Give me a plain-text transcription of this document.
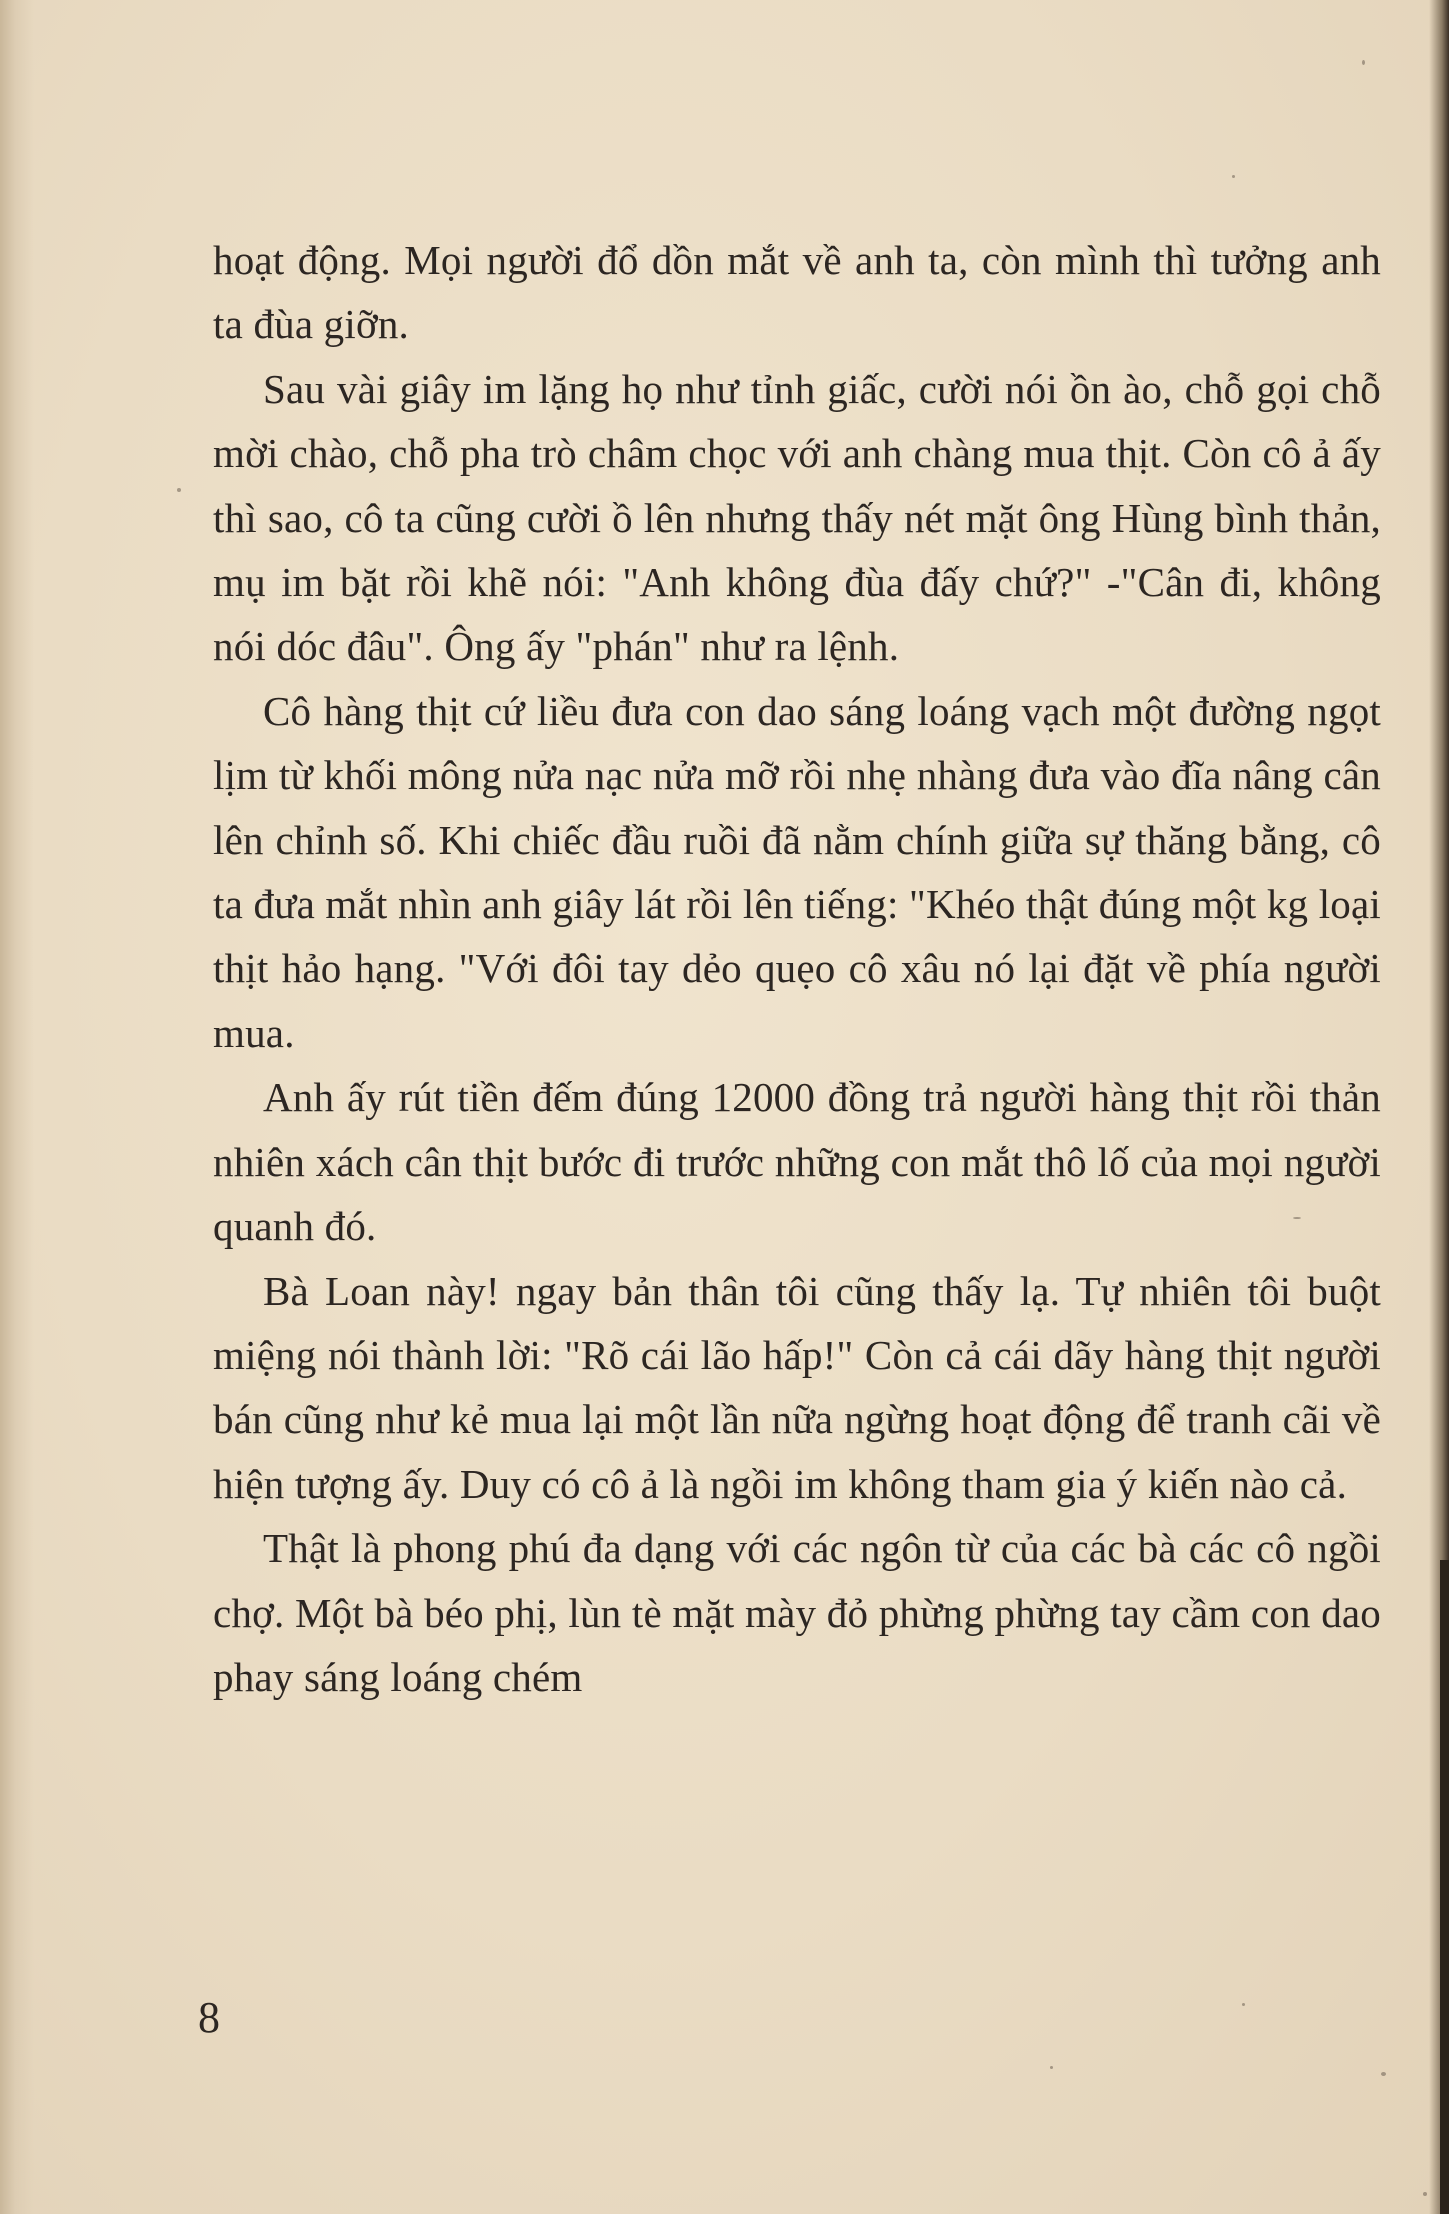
hoạt động. Mọi người đổ dồn mắt về anh ta, còn mình thì tưởng anh ta đùa giỡn.

Sau vài giây im lặng họ như tỉnh giấc, cười nói ồn ào, chỗ gọi chỗ mời chào, chỗ pha trò châm chọc với anh chàng mua thịt. Còn cô ả ấy thì sao, cô ta cũng cười ồ lên nhưng thấy nét mặt ông Hùng bình thản, mụ im bặt rồi khẽ nói: "Anh không đùa đấy chứ?" -"Cân đi, không nói dóc đâu". Ông ấy "phán" như ra lệnh.

Cô hàng thịt cứ liều đưa con dao sáng loáng vạch một đường ngọt lịm từ khối mông nửa nạc nửa mỡ rồi nhẹ nhàng đưa vào đĩa nâng cân lên chỉnh số. Khi chiếc đầu ruồi đã nằm chính giữa sự thăng bằng, cô ta đưa mắt nhìn anh giây lát rồi lên tiếng: "Khéo thật đúng một kg loại thịt hảo hạng. "Với đôi tay dẻo quẹo cô xâu nó lại đặt về phía người mua.

Anh ấy rút tiền đếm đúng 12000 đồng trả người hàng thịt rồi thản nhiên xách cân thịt bước đi trước những con mắt thô lố của mọi người quanh đó.

Bà Loan này! ngay bản thân tôi cũng thấy lạ. Tự nhiên tôi buột miệng nói thành lời: "Rõ cái lão hấp!" Còn cả cái dãy hàng thịt người bán cũng như kẻ mua lại một lần nữa ngừng hoạt động để tranh cãi về hiện tượng ấy. Duy có cô ả là ngồi im không tham gia ý kiến nào cả.

Thật là phong phú đa dạng với các ngôn từ của các bà các cô ngồi chợ. Một bà béo phị, lùn tè mặt mày đỏ phừng phừng tay cầm con dao phay sáng loáng chém

8
